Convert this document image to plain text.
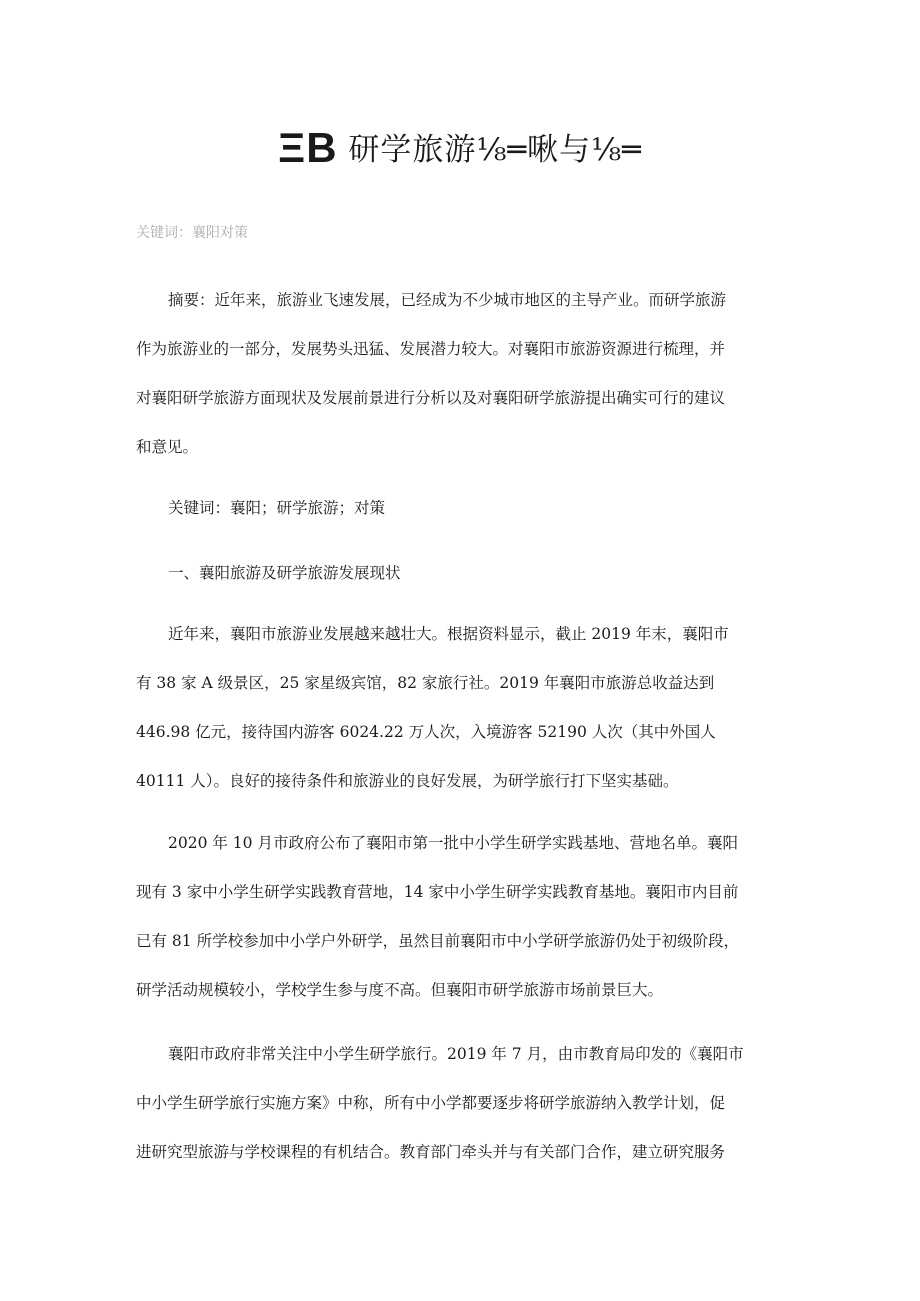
ΞB 研学旅游⅛═啾与⅛═
关键词：襄阳对策
摘要：近年来，旅游业飞速发展，已经成为不少城市地区的主导产业。而研学旅游
作为旅游业的一部分，发展势头迅猛、发展潜力较大。对襄阳市旅游资源进行梳理，并
对襄阳研学旅游方面现状及发展前景进行分析以及对襄阳研学旅游提出确实可行的建议
和意见。
关键词：襄阳；研学旅游；对策
一、襄阳旅游及研学旅游发展现状
近年来，襄阳市旅游业发展越来越壮大。根据资料显示，截止 2019 年末，襄阳市
有 38 家 A 级景区，25 家星级宾馆，82 家旅行社。2019 年襄阳市旅游总收益达到
446.98 亿元，接待国内游客 6024.22 万人次，入境游客 52190 人次（其中外国人
40111 人）。良好的接待条件和旅游业的良好发展，为研学旅行打下坚实基础。
2020 年 10 月市政府公布了襄阳市第一批中小学生研学实践基地、营地名单。襄阳
现有 3 家中小学生研学实践教育营地，14 家中小学生研学实践教育基地。襄阳市内目前
已有 81 所学校参加中小学户外研学，虽然目前襄阳市中小学研学旅游仍处于初级阶段，
研学活动规模较小，学校学生参与度不高。但襄阳市研学旅游市场前景巨大。
襄阳市政府非常关注中小学生研学旅行。2019 年 7 月，由市教育局印发的《襄阳市
中小学生研学旅行实施方案》中称，所有中小学都要逐步将研学旅游纳入教学计划，促
进研究型旅游与学校课程的有机结合。教育部门牵头并与有关部门合作，建立研究服务
